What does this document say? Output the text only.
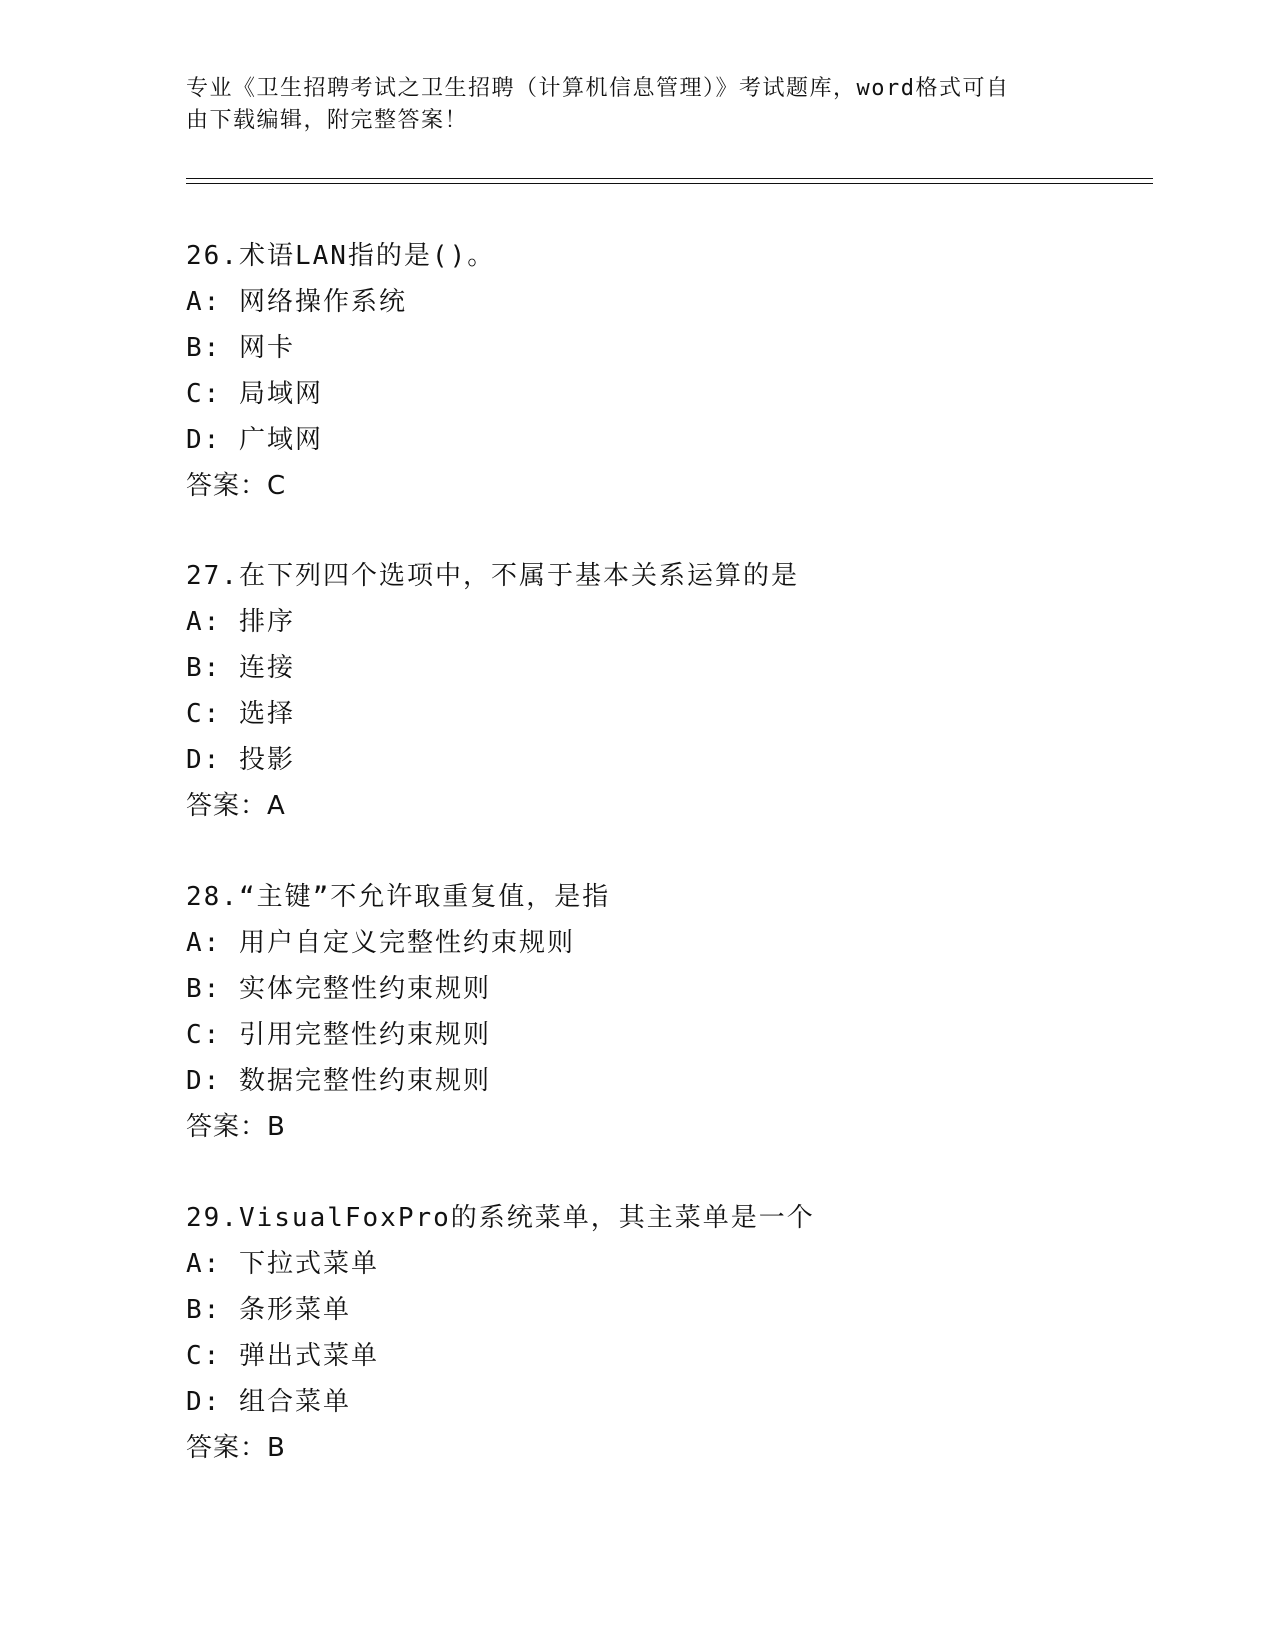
专业《卫生招聘考试之卫生招聘（计算机信息管理）》考试题库，word格式可自
由下载编辑，附完整答案！
26.术语LAN指的是()。
A: 网络操作系统
B: 网卡
C: 局域网
D: 广域网
答案：C
27.在下列四个选项中，不属于基本关系运算的是
A: 排序
B: 连接
C: 选择
D: 投影
答案：A
28.“主键”不允许取重复值，是指
A: 用户自定义完整性约束规则
B: 实体完整性约束规则
C: 引用完整性约束规则
D: 数据完整性约束规则
答案：B
29.VisualFoxPro的系统菜单，其主菜单是一个
A: 下拉式菜单
B: 条形菜单
C: 弹出式菜单
D: 组合菜单
答案：B
